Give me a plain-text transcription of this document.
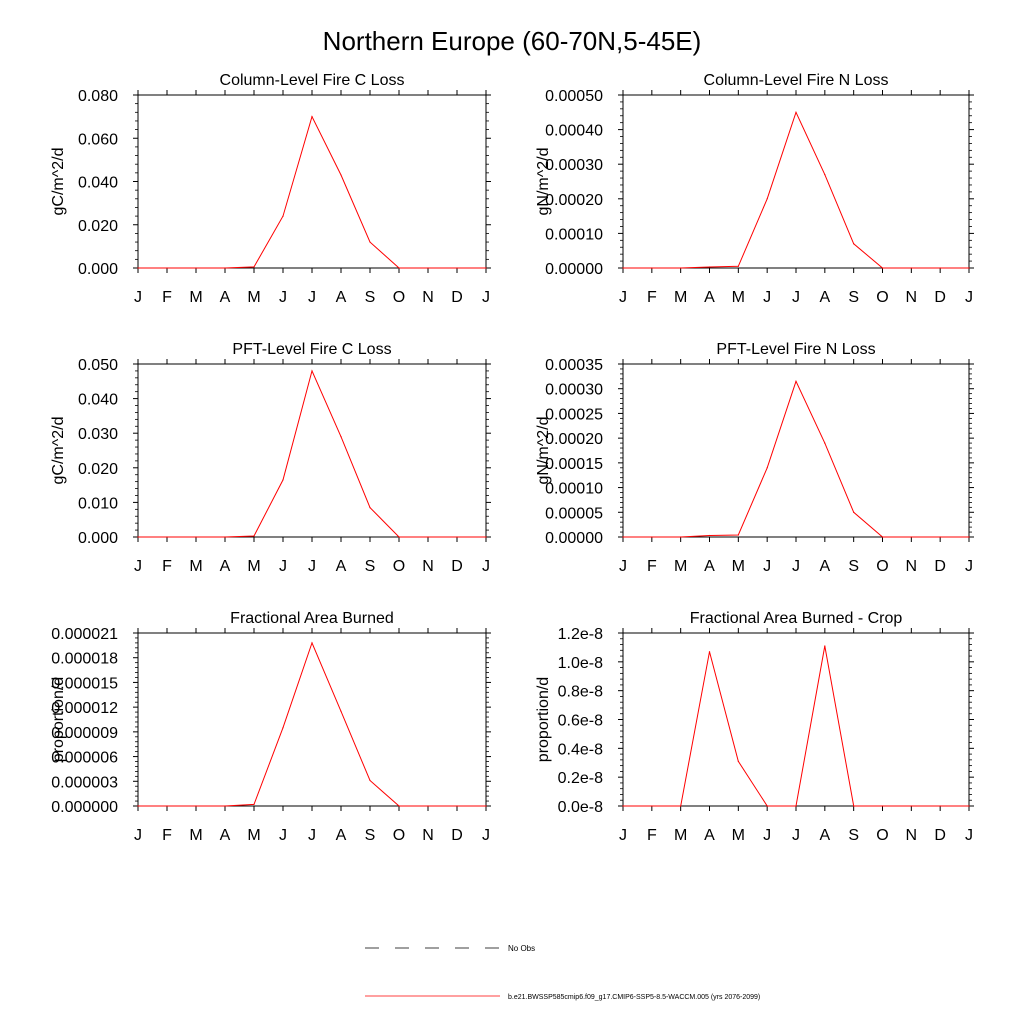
Northern Europe (60-70N,5-45E)
Column-Level Fire C Loss
gC/m^2/d
0.000
0.020
0.040
0.060
0.080
J F M A M J J A S O N D J
Column-Level Fire N Loss
gN/m^2/d
0.00000
0.00010
0.00020
0.00030
0.00040
0.00050
J F M A M J J A S O N D J
PFT-Level Fire C Loss
gC/m^2/d
0.000
0.010
0.020
0.030
0.040
0.050
J F M A M J J A S O N D J
PFT-Level Fire N Loss
gN/m^2/d
0.00000
0.00005
0.00010
0.00015
0.00020
0.00025
0.00030
0.00035
J F M A M J J A S O N D J
Fractional Area Burned
proportion/d
0.000000
0.000003
0.000006
0.000009
0.000012
0.000015
0.000018
0.000021
J F M A M J J A S O N D J
Fractional Area Burned - Crop
proportion/d
0.0e-8
0.2e-8
0.4e-8
0.6e-8
0.8e-8
1.0e-8
1.2e-8
J F M A M J J A S O N D J
No Obs
b.e21.BWSSP585cmip6.f09_g17.CMIP6-SSP5-8.5-WACCM.005 (yrs 2076-2099)
